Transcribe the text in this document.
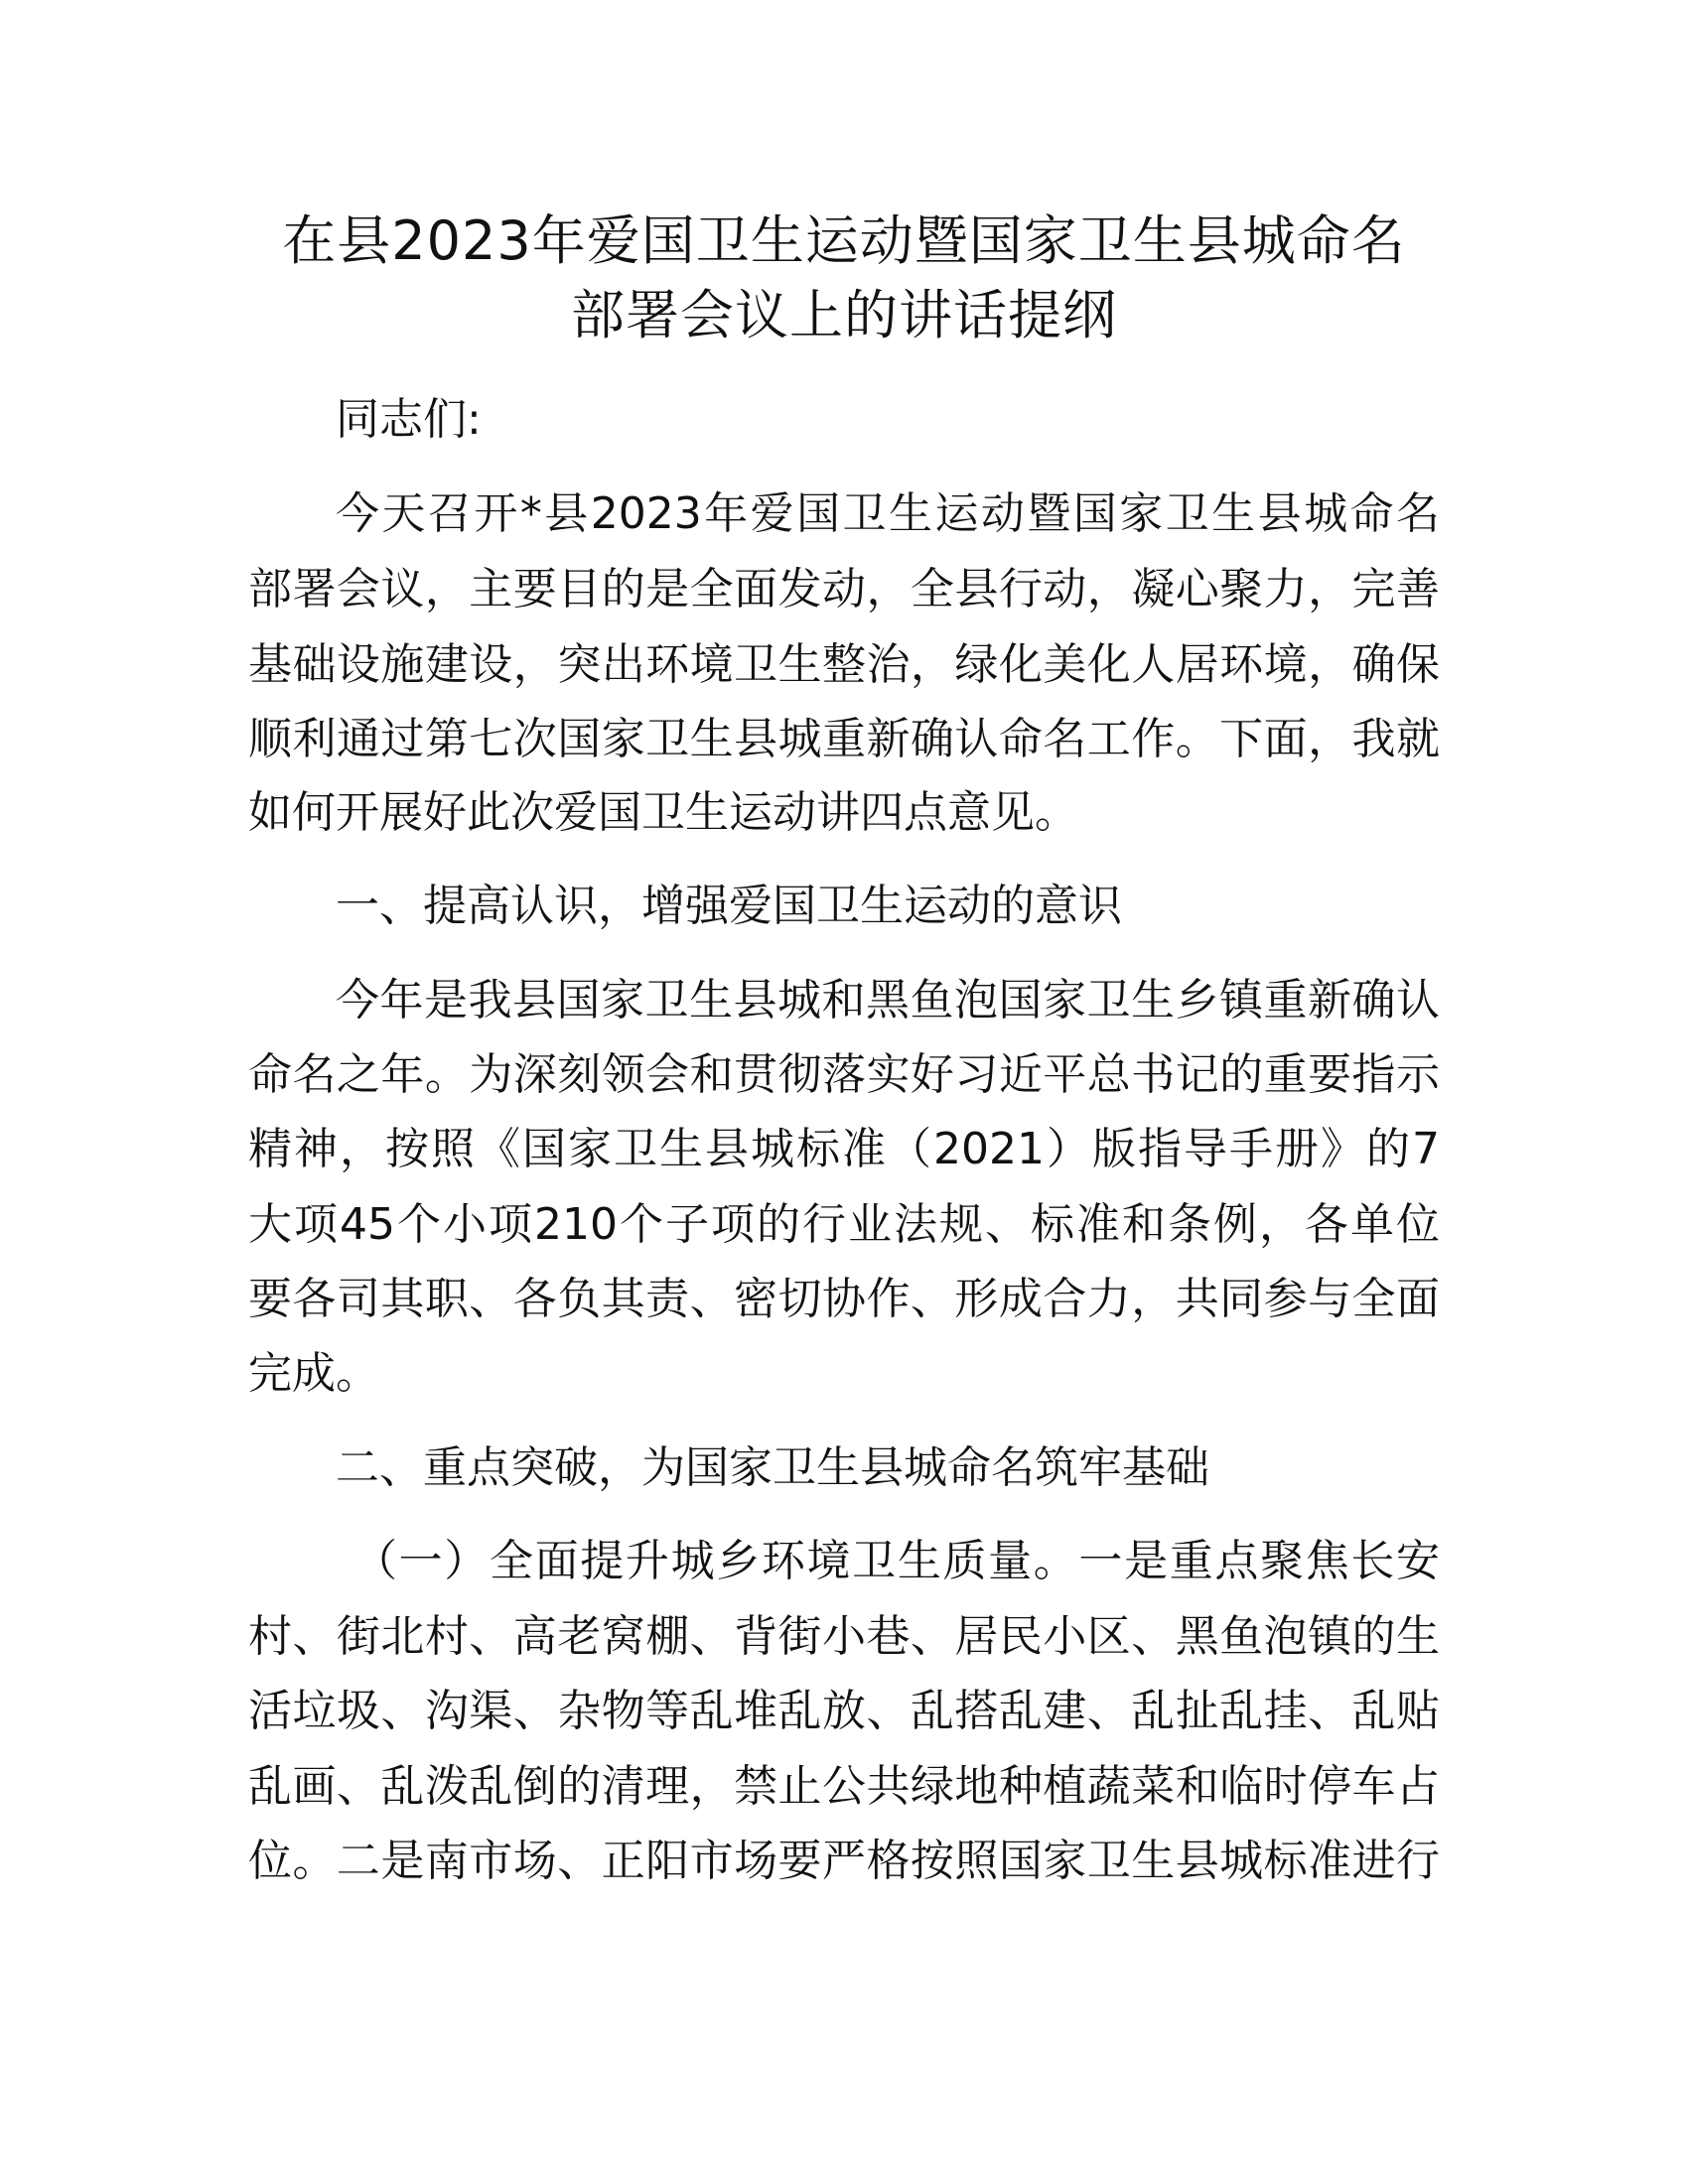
在县2023年爱国卫生运动暨国家卫生县城命名
部署会议上的讲话提纲
同志们:
今天召开*县2023年爱国卫生运动暨国家卫生县城命名
部署会议，主要目的是全面发动，全县行动，凝心聚力，完善
基础设施建设，突出环境卫生整治，绿化美化人居环境，确保
顺利通过第七次国家卫生县城重新确认命名工作。下面，我就
如何开展好此次爱国卫生运动讲四点意见。
一、提高认识，增强爱国卫生运动的意识
今年是我县国家卫生县城和黑鱼泡国家卫生乡镇重新确认
命名之年。为深刻领会和贯彻落实好习近平总书记的重要指示
精神，按照《国家卫生县城标准（2021）版指导手册》的7
大项45个小项210个子项的行业法规、标准和条例，各单位
要各司其职、各负其责、密切协作、形成合力，共同参与全面
完成。
二、重点突破，为国家卫生县城命名筑牢基础
（一）全面提升城乡环境卫生质量。一是重点聚焦长安
村、街北村、高老窝棚、背街小巷、居民小区、黑鱼泡镇的生
活垃圾、沟渠、杂物等乱堆乱放、乱搭乱建、乱扯乱挂、乱贴
乱画、乱泼乱倒的清理，禁止公共绿地种植蔬菜和临时停车占
位。二是南市场、正阳市场要严格按照国家卫生县城标准进行
